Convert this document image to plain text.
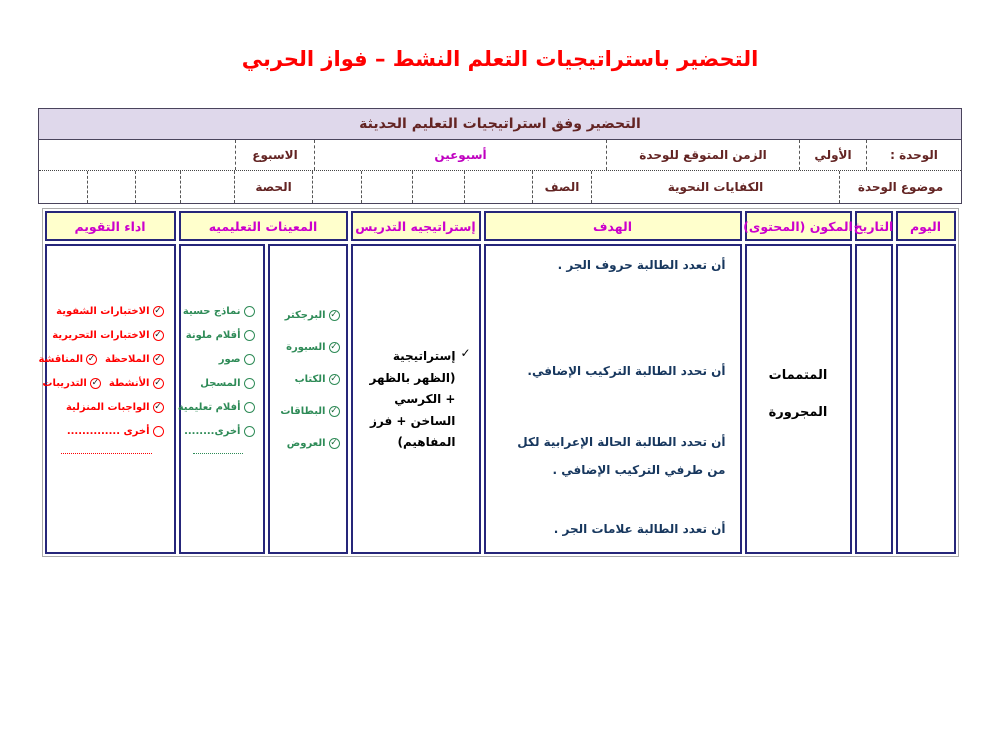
التحضير باستراتيجيات التعلم النشط – فواز الحربي
التحضير وفق استراتيجيات التعليم الحديثة
الوحدة :
الأولي
الزمن المتوقع للوحدة
أسبوعين
الاسبوع
موضوع الوحدة
الكفايات النحوية
الصف
الحصة
اليوم
التاريخ
المكون (المحتوى)
الهدف
إستراتيجيه التدريس
المعينات التعليميه
اداء التقويم
المتممات
المجرورة
أن تعدد الطالبة حروف الجر .
أن تحدد الطالبة التركيب الإضافي.
أن تحدد الطالبة الحالة الإعرابية لكل من طرفي التركيب الإضافي .
أن تعدد الطالبة علامات الجر .
✓
إستراتيجية (الظهر بالظهر + الكرسي الساخن + فرز المفاهيم)
✓
البرجكتر
✓
السبورة
✓
الكتاب
✓
البطاقات
✓
العروض
نماذج حسية
أقلام ملونة
صور
المسجل
أفلام تعليمية
أخرى........
✓
الاختبارات الشفوية
✓
الاختبارات التحريرية
✓
الملاحظة
✓
المناقشة
✓
الأنشطة
✓
التدريبات
✓
الواجبات المنزلية
أخرى ..............
